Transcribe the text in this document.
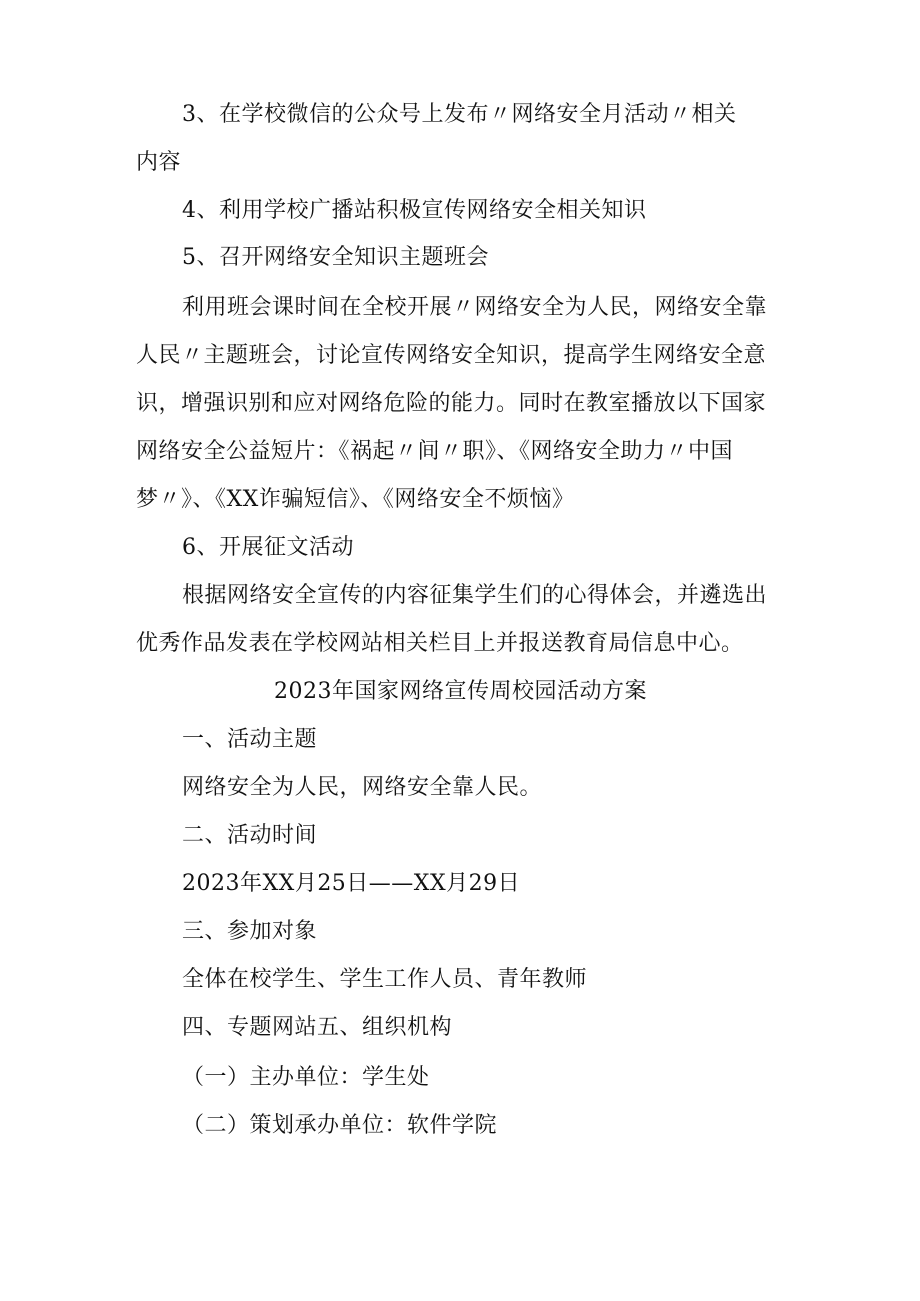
3、在学校微信的公众号上发布〃网络安全月活动〃相关
内容
4、利用学校广播站积极宣传网络安全相关知识
5、召开网络安全知识主题班会
利用班会课时间在全校开展〃网络安全为人民，网络安全靠
人民〃主题班会，讨论宣传网络安全知识，提高学生网络安全意
识，增强识别和应对网络危险的能力。同时在教室播放以下国家
网络安全公益短片：《祸起〃间〃职》、《网络安全助力〃中国
梦〃》、《XX诈骗短信》、《网络安全不烦恼》
6、开展征文活动
根据网络安全宣传的内容征集学生们的心得体会，并遴选出
优秀作品发表在学校网站相关栏目上并报送教育局信息中心。
2023年国家网络宣传周校园活动方案
一、活动主题
网络安全为人民，网络安全靠人民。
二、活动时间
2023年XX月25日——XX月29日
三、参加对象
全体在校学生、学生工作人员、青年教师
四、专题网站五、组织机构
（一）主办单位：学生处
（二）策划承办单位：软件学院
